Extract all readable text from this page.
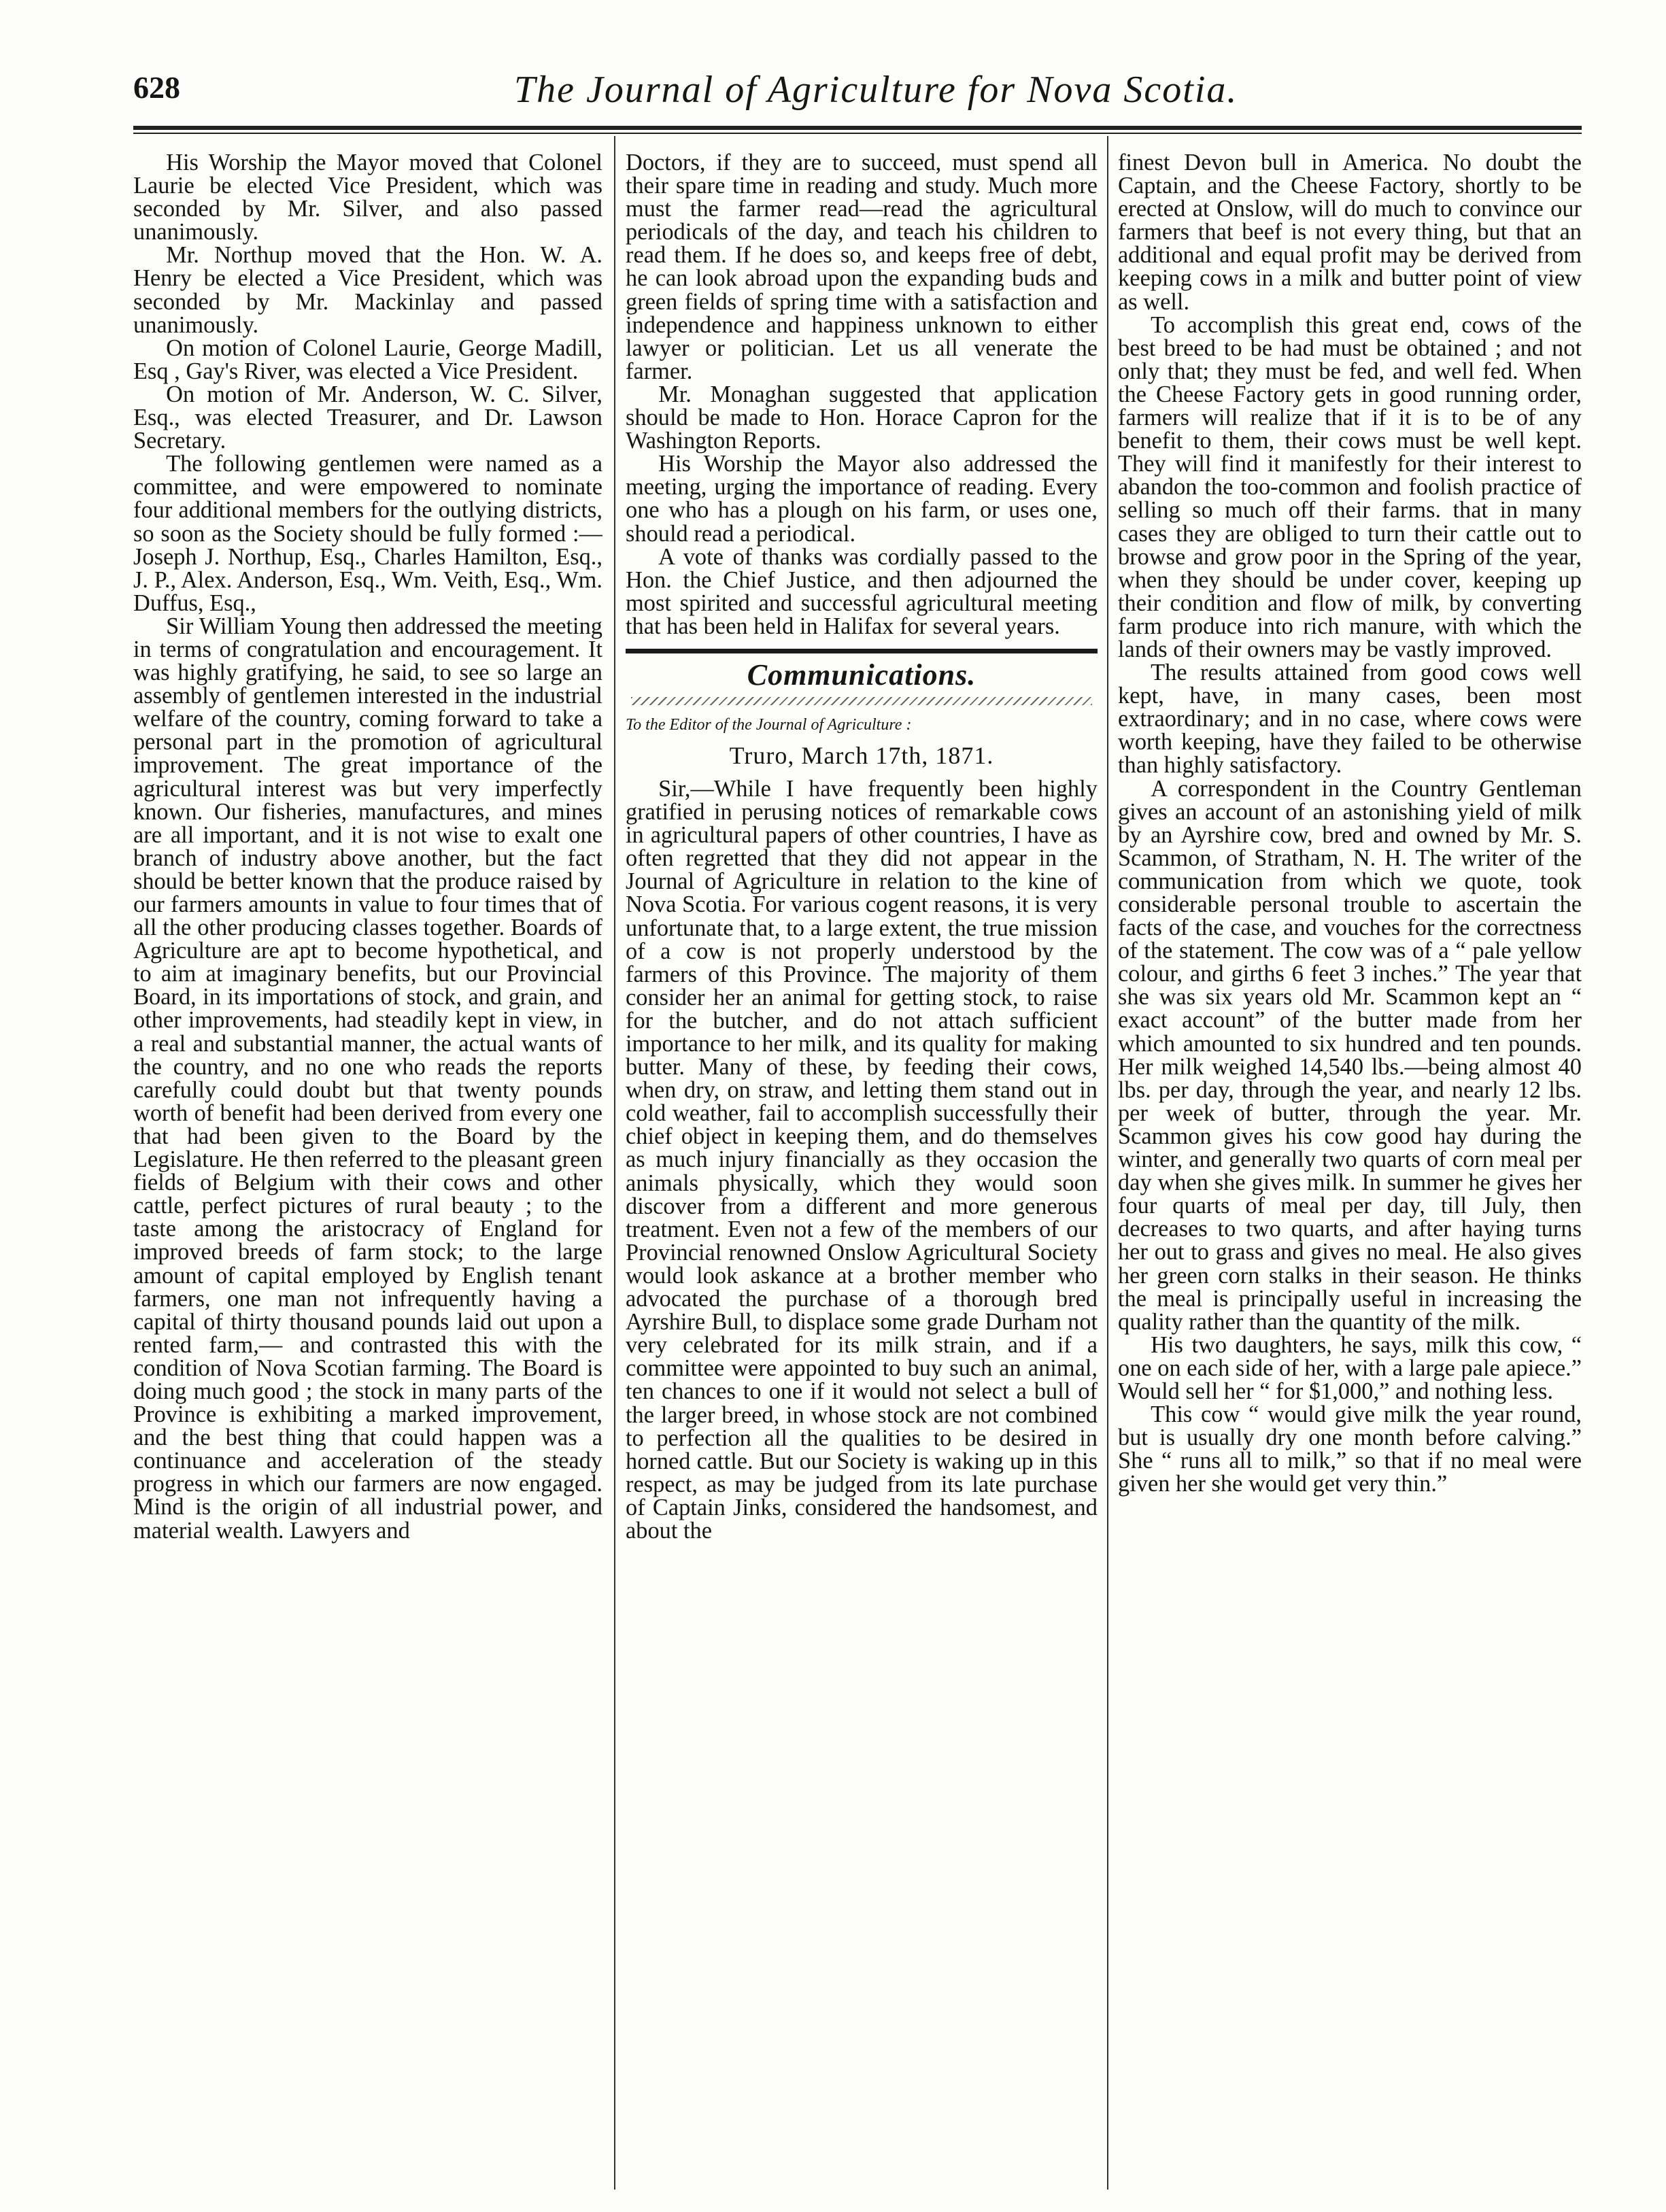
628	The Journal of Agriculture for Nova Scotia.

His Worship the Mayor moved that Colonel Laurie be elected Vice President, which was seconded by Mr. Silver, and also passed unanimously.

Mr. Northup moved that the Hon. W. A. Henry be elected a Vice President, which was seconded by Mr. Mackinlay and passed unanimously.

On motion of Colonel Laurie, George Madill, Esq , Gay's River, was elected a Vice President.

On motion of Mr. Anderson, W. C. Silver, Esq., was elected Treasurer, and Dr. Lawson Secretary.

The following gentlemen were named as a committee, and were empowered to nominate four additional members for the outlying districts, so soon as the Society should be fully formed :—Joseph J. Northup, Esq., Charles Hamilton, Esq., J. P., Alex. Anderson, Esq., Wm. Veith, Esq., Wm. Duffus, Esq.,

Sir William Young then addressed the meeting in terms of congratulation and encouragement. It was highly gratifying, he said, to see so large an assembly of gentlemen interested in the industrial welfare of the country, coming forward to take a personal part in the promotion of agricultural improvement. The great importance of the agricultural interest was but very imperfectly known. Our fisheries, manufactures, and mines are all important, and it is not wise to exalt one branch of industry above another, but the fact should be better known that the produce raised by our farmers amounts in value to four times that of all the other producing classes together. Boards of Agriculture are apt to become hypothetical, and to aim at imaginary benefits, but our Provincial Board, in its importations of stock, and grain, and other improvements, had steadily kept in view, in a real and substantial manner, the actual wants of the country, and no one who reads the reports carefully could doubt but that twenty pounds worth of benefit had been derived from every one that had been given to the Board by the Legislature. He then referred to the pleasant green fields of Belgium with their cows and other cattle, perfect pictures of rural beauty ; to the taste among the aristocracy of England for improved breeds of farm stock; to the large amount of capital employed by English tenant farmers, one man not infrequently having a capital of thirty thousand pounds laid out upon a rented farm,— and contrasted this with the condition of Nova Scotian farming. The Board is doing much good ; the stock in many parts of the Province is exhibiting a marked improvement, and the best thing that could happen was a continuance and acceleration of the steady progress in which our farmers are now engaged. Mind is the origin of all industrial power, and material wealth. Lawyers and

Doctors, if they are to succeed, must spend all their spare time in reading and study. Much more must the farmer read—read the agricultural periodicals of the day, and teach his children to read them. If he does so, and keeps free of debt, he can look abroad upon the expanding buds and green fields of spring time with a satisfaction and independence and happiness unknown to either lawyer or politician. Let us all venerate the farmer.

Mr. Monaghan suggested that application should be made to Hon. Horace Capron for the Washington Reports.

His Worship the Mayor also addressed the meeting, urging the importance of reading. Every one who has a plough on his farm, or uses one, should read a periodical.

A vote of thanks was cordially passed to the Hon. the Chief Justice, and then adjourned the most spirited and successful agricultural meeting that has been held in Halifax for several years.

Communications.
To the Editor of the Journal of Agriculture :
Truro, March 17th, 1871.

Sir,—While I have frequently been highly gratified in perusing notices of remarkable cows in agricultural papers of other countries, I have as often regretted that they did not appear in the Journal of Agriculture in relation to the kine of Nova Scotia. For various cogent reasons, it is very unfortunate that, to a large extent, the true mission of a cow is not properly understood by the farmers of this Province. The majority of them consider her an animal for getting stock, to raise for the butcher, and do not attach sufficient importance to her milk, and its quality for making butter. Many of these, by feeding their cows, when dry, on straw, and letting them stand out in cold weather, fail to accomplish successfully their chief object in keeping them, and do themselves as much injury financially as they occasion the animals physically, which they would soon discover from a different and more generous treatment. Even not a few of the members of our Provincial renowned Onslow Agricultural Society would look askance at a brother member who advocated the purchase of a thorough bred Ayrshire Bull, to displace some grade Durham not very celebrated for its milk strain, and if a committee were appointed to buy such an animal, ten chances to one if it would not select a bull of the larger breed, in whose stock are not combined to perfection all the qualities to be desired in horned cattle. But our Society is waking up in this respect, as may be judged from its late purchase of Captain Jinks, considered the handsomest, and about the

finest Devon bull in America. No doubt the Captain, and the Cheese Factory, shortly to be erected at Onslow, will do much to convince our farmers that beef is not every thing, but that an additional and equal profit may be derived from keeping cows in a milk and butter point of view as well.

To accomplish this great end, cows of the best breed to be had must be obtained ; and not only that; they must be fed, and well fed. When the Cheese Factory gets in good running order, farmers will realize that if it is to be of any benefit to them, their cows must be well kept. They will find it manifestly for their interest to abandon the too-common and foolish practice of selling so much off their farms. that in many cases they are obliged to turn their cattle out to browse and grow poor in the Spring of the year, when they should be under cover, keeping up their condition and flow of milk, by converting farm produce into rich manure, with which the lands of their owners may be vastly improved.

The results attained from good cows well kept, have, in many cases, been most extraordinary; and in no case, where cows were worth keeping, have they failed to be otherwise than highly satisfactory.

A correspondent in the Country Gentleman gives an account of an astonishing yield of milk by an Ayrshire cow, bred and owned by Mr. S. Scammon, of Stratham, N. H. The writer of the communication from which we quote, took considerable personal trouble to ascertain the facts of the case, and vouches for the correctness of the statement. The cow was of a “ pale yellow colour, and girths 6 feet 3 inches.” The year that she was six years old Mr. Scammon kept an “ exact account” of the butter made from her which amounted to six hundred and ten pounds. Her milk weighed 14,540 lbs.—being almost 40 lbs. per day, through the year, and nearly 12 lbs. per week of butter, through the year. Mr. Scammon gives his cow good hay during the winter, and generally two quarts of corn meal per day when she gives milk. In summer he gives her four quarts of meal per day, till July, then decreases to two quarts, and after haying turns her out to grass and gives no meal. He also gives her green corn stalks in their season. He thinks the meal is principally useful in increasing the quality rather than the quantity of the milk.

His two daughters, he says, milk this cow, “ one on each side of her, with a large pale apiece.” Would sell her “ for $1,000,” and nothing less.

This cow “ would give milk the year round, but is usually dry one month before calving.” She “ runs all to milk,” so that if no meal were given her she would get very thin.”
